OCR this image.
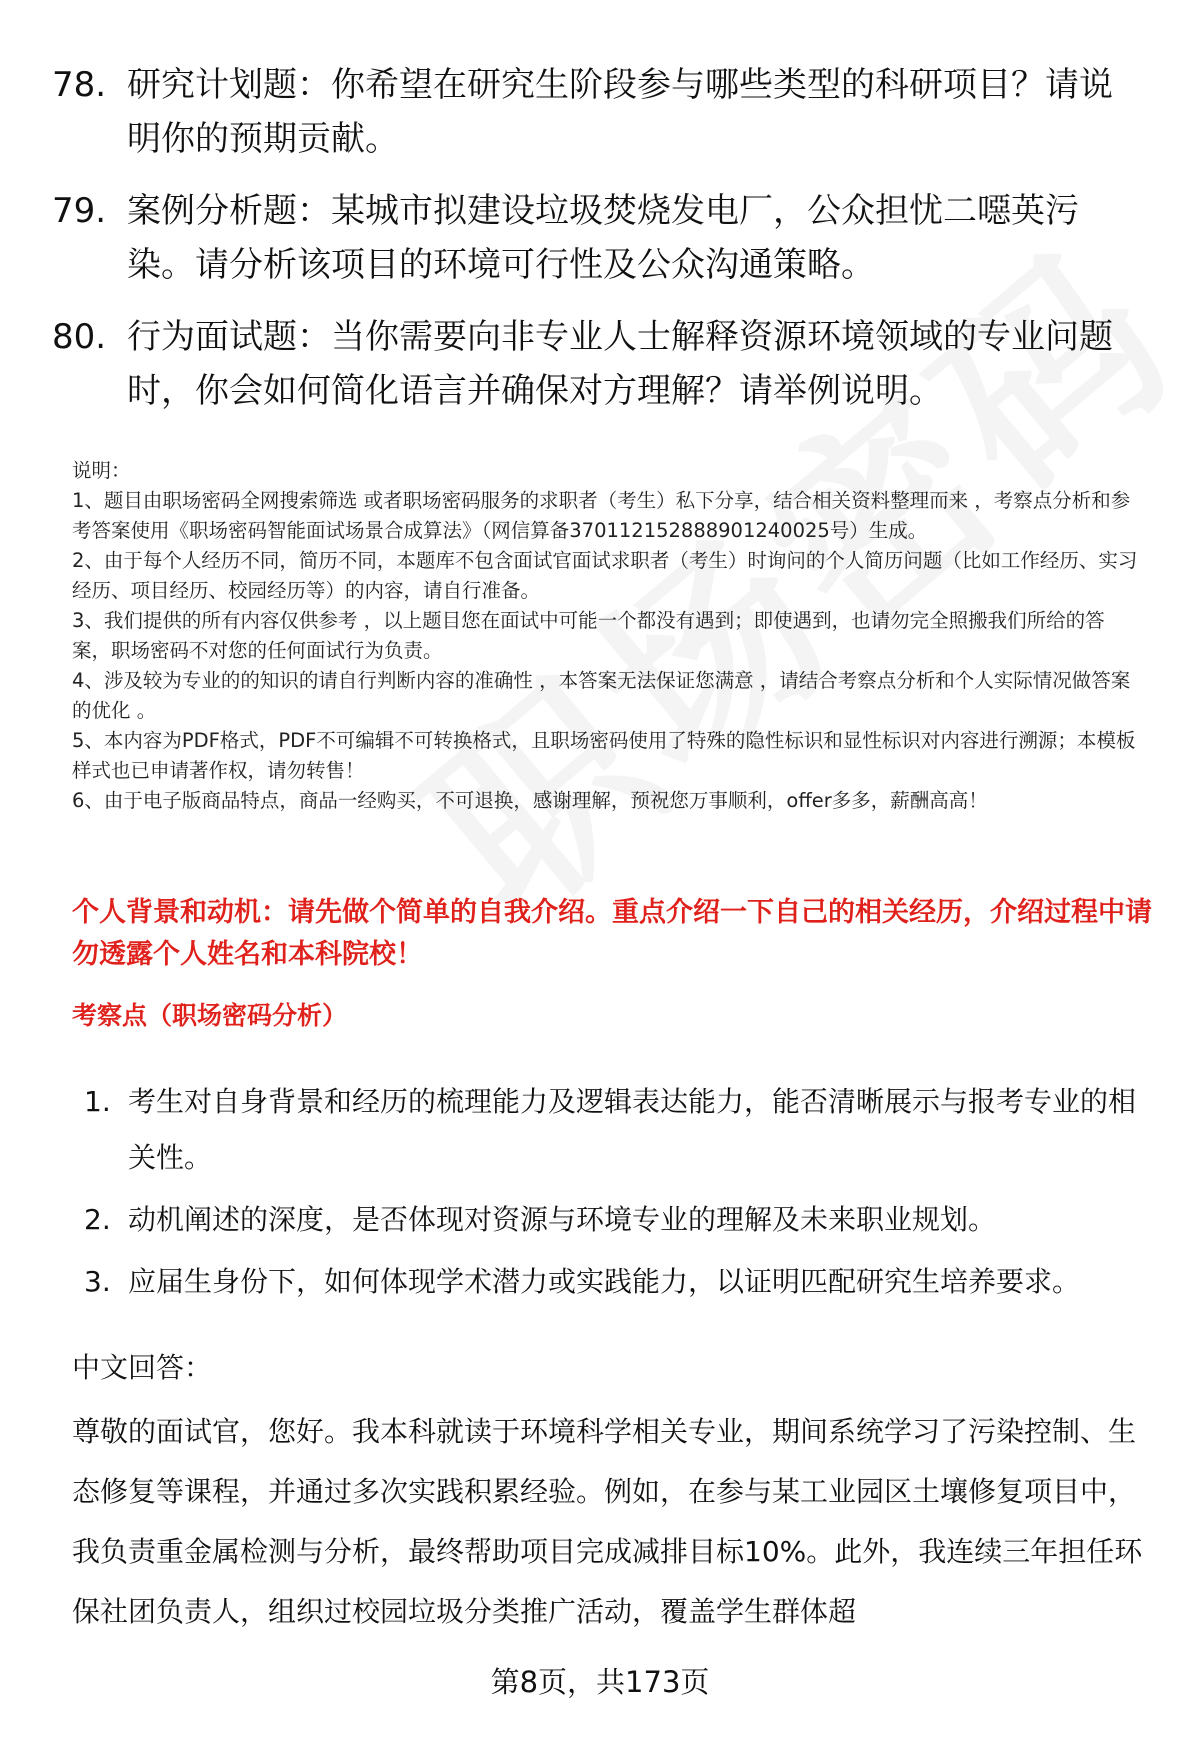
78. 研究计划题：你希望在研究生阶段参与哪些类型的科研项目？请说明你的预期贡献。
79. 案例分析题：某城市拟建设垃圾焚烧发电厂，公众担忧二噁英污染。请分析该项目的环境可行性及公众沟通策略。
80. 行为面试题：当你需要向非专业人士解释资源环境领域的专业问题时，你会如何简化语言并确保对方理解？请举例说明。

说明：

1、题目由职场密码全网搜索筛选 或者职场密码服务的求职者（考生）私下分享，结合相关资料整理而来 ，考察点分析和参考答案使用《职场密码智能面试场景合成算法》（网信算备370112152888901240025号）生成。

2、由于每个人经历不同，简历不同，本题库不包含面试官面试求职者（考生）时询问的个人简历问题（比如工作经历、实习经历、项目经历、校园经历等）的内容，请自行准备。

3、我们提供的所有内容仅供参考 ，以上题目您在面试中可能一个都没有遇到；即使遇到，也请勿完全照搬我们所给的答案，职场密码不对您的任何面试行为负责。

4、涉及较为专业的的知识的请自行判断内容的准确性 ，本答案无法保证您满意 ，请结合考察点分析和个人实际情况做答案的优化 。

5、本内容为PDF格式，PDF不可编辑不可转换格式，且职场密码使用了特殊的隐性标识和显性标识对内容进行溯源；本模板样式也已申请著作权，请勿转售！

6、由于电子版商品特点，商品一经购买，不可退换，感谢理解，预祝您万事顺利，offer多多，薪酬高高！

个人背景和动机：请先做个简单的自我介绍。重点介绍一下自己的相关经历，介绍过程中请勿透露个人姓名和本科院校！

考察点（职场密码分析）
1. 考生对自身背景和经历的梳理能力及逻辑表达能力，能否清晰展示与报考专业的相关性。
2. 动机阐述的深度，是否体现对资源与环境专业的理解及未来职业规划。
3. 应届生身份下，如何体现学术潜力或实践能力，以证明匹配研究生培养要求。

中文回答：

尊敬的面试官，您好。我本科就读于环境科学相关专业，期间系统学习了污染控制、生态修复等课程，并通过多次实践积累经验。例如，在参与某工业园区土壤修复项目中，我负责重金属检测与分析，最终帮助项目完成减排目标10%。此外，我连续三年担任环保社团负责人，组织过校园垃圾分类推广活动，覆盖学生群体超

第8页，共173页
